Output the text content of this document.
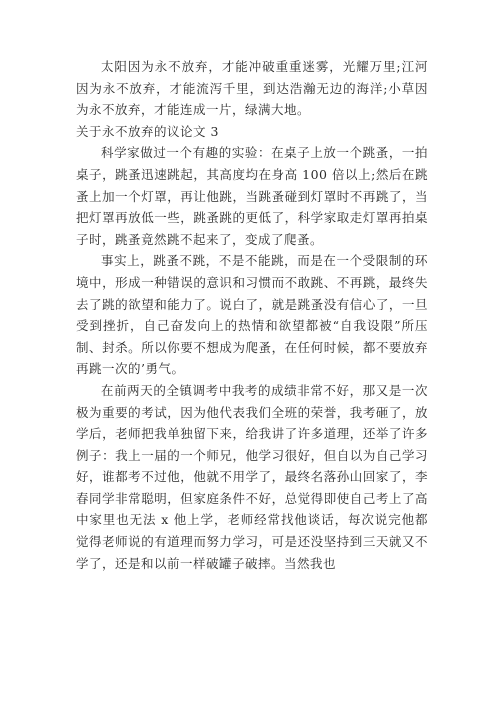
太阳因为永不放弃，才能冲破重重迷雾，光耀万里;江河因为永不放弃，才能流泻千里，到达浩瀚无边的海洋;小草因为永不放弃，才能连成一片，绿满大地。

关于永不放弃的议论文 3

科学家做过一个有趣的实验：在桌子上放一个跳蚤，一拍桌子，跳蚤迅速跳起，其高度均在身高 100 倍以上;然后在跳蚤上加一个灯罩，再让他跳，当跳蚤碰到灯罩时不再跳了，当把灯罩再放低一些，跳蚤跳的更低了，科学家取走灯罩再拍桌子时，跳蚤竟然跳不起来了，变成了爬蚤。

事实上，跳蚤不跳，不是不能跳，而是在一个受限制的环境中，形成一种错误的意识和习惯而不敢跳、不再跳，最终失去了跳的欲望和能力了。说白了，就是跳蚤没有信心了，一旦受到挫折，自己奋发向上的热情和欲望都被“自我设限”所压制、封杀。所以你要不想成为爬蚤，在任何时候，都不要放弃再跳一次的’勇气。

在前两天的全镇调考中我考的成绩非常不好，那又是一次极为重要的考试，因为他代表我们全班的荣誉，我考砸了，放学后，老师把我单独留下来，给我讲了许多道理，还举了许多例子：我上一届的一个师兄，他学习很好，但自以为自己学习好，谁都考不过他，他就不用学了，最终名落孙山回家了，李春同学非常聪明，但家庭条件不好，总觉得即使自己考上了高中家里也无法 x 他上学，老师经常找他谈话，每次说完他都觉得老师说的有道理而努力学习，可是还没坚持到三天就又不学了，还是和以前一样破罐子破摔。当然我也
